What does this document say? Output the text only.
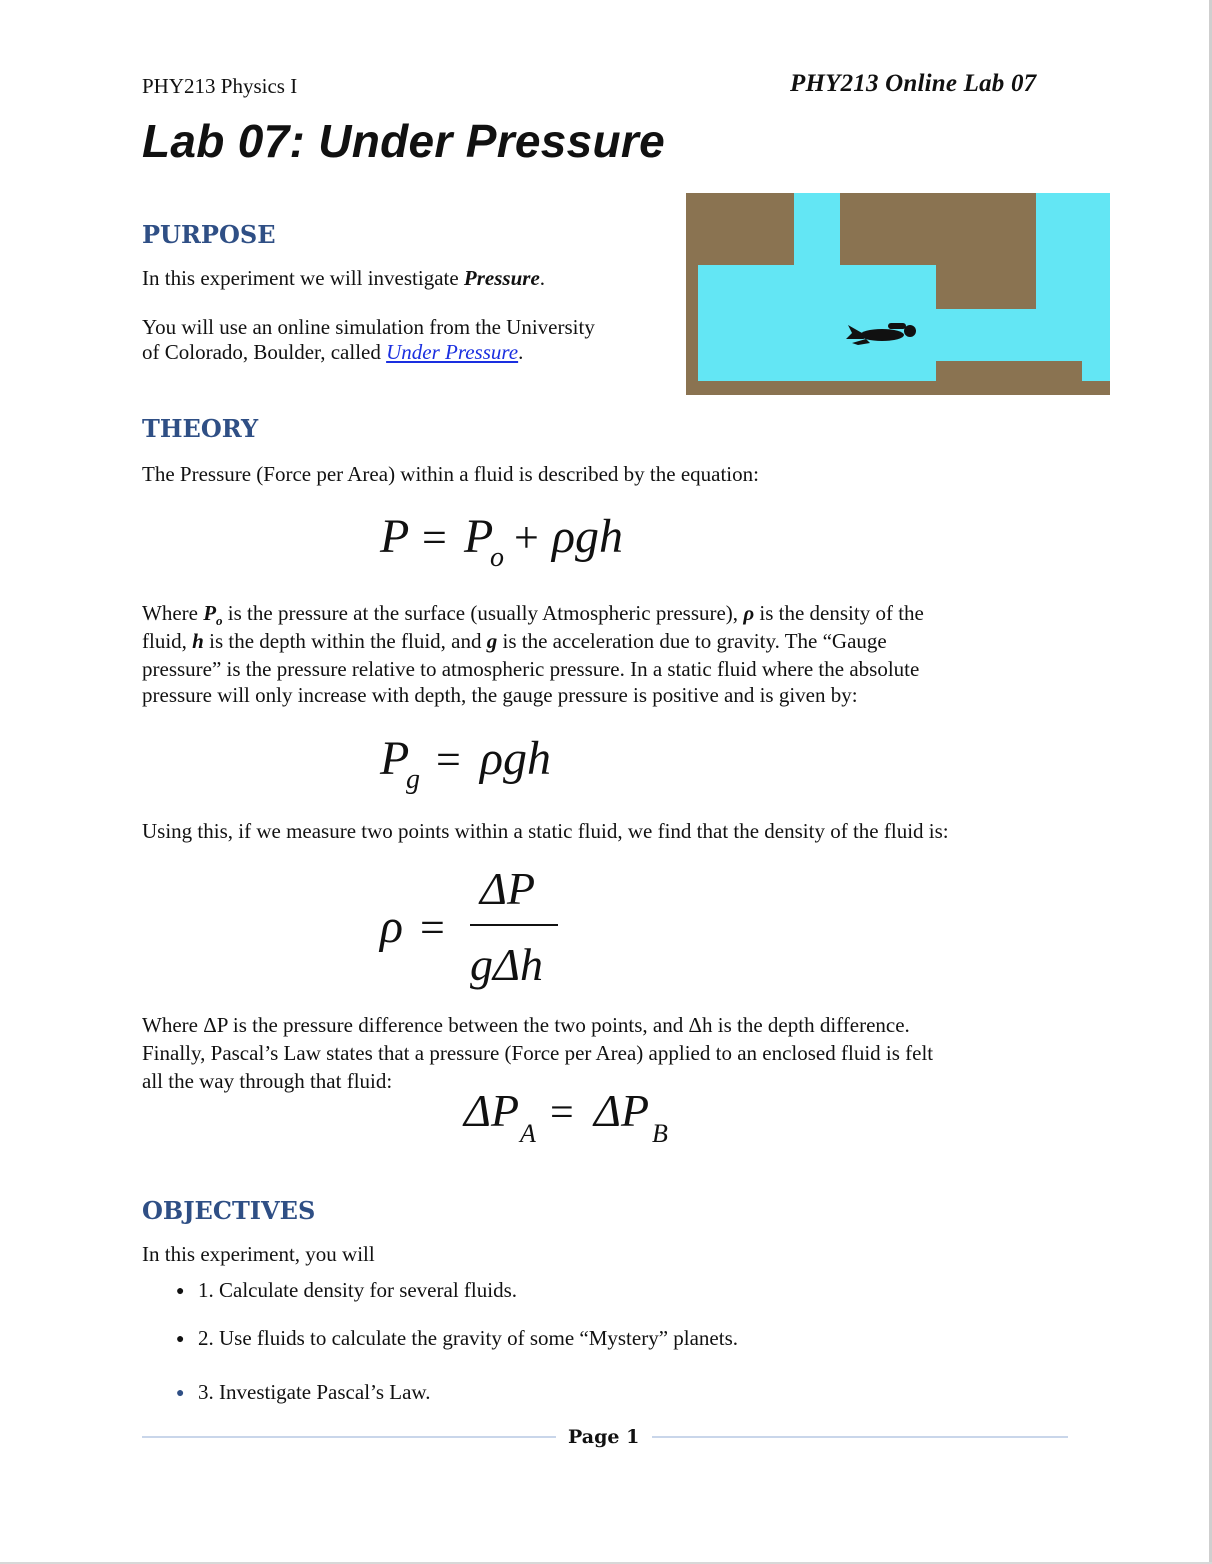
PHY213 Physics I	PHY213 Online Lab 07
Lab 07: Under Pressure
PURPOSE
In this experiment we will investigate Pressure.
You will use an online simulation from the University
of Colorado, Boulder, called Under Pressure.
THEORY
The Pressure (Force per Area) within a fluid is described by the equation:
P = P
o + ρgh
Where $P_o$ is the pressure at the surface (usually Atmospheric pressure), ρ is the density of the
fluid, h is the depth within the fluid, and g is the acceleration due to gravity. The “Gauge
pressure” is the pressure relative to atmospheric pressure. In a static fluid where the absolute
pressure will only increase with depth, the gauge pressure is positive and is given by:
P
g = ρgh
Using this, if we measure two points within a static fluid, we find that the density of the fluid is:
ρ =
ΔP
gΔh
Where ΔP is the pressure difference between the two points, and Δh is the depth difference.
Finally, Pascal’s Law states that a pressure (Force per Area) applied to an enclosed fluid is felt
all the way through that fluid:
ΔP A = ΔP B
OBJECTIVES
In this experiment, you will
● 1. Calculate density for several fluids.
● 2. Use fluids to calculate the gravity of some “Mystery” planets.
● 3. Investigate Pascal’s Law.
Page 1
